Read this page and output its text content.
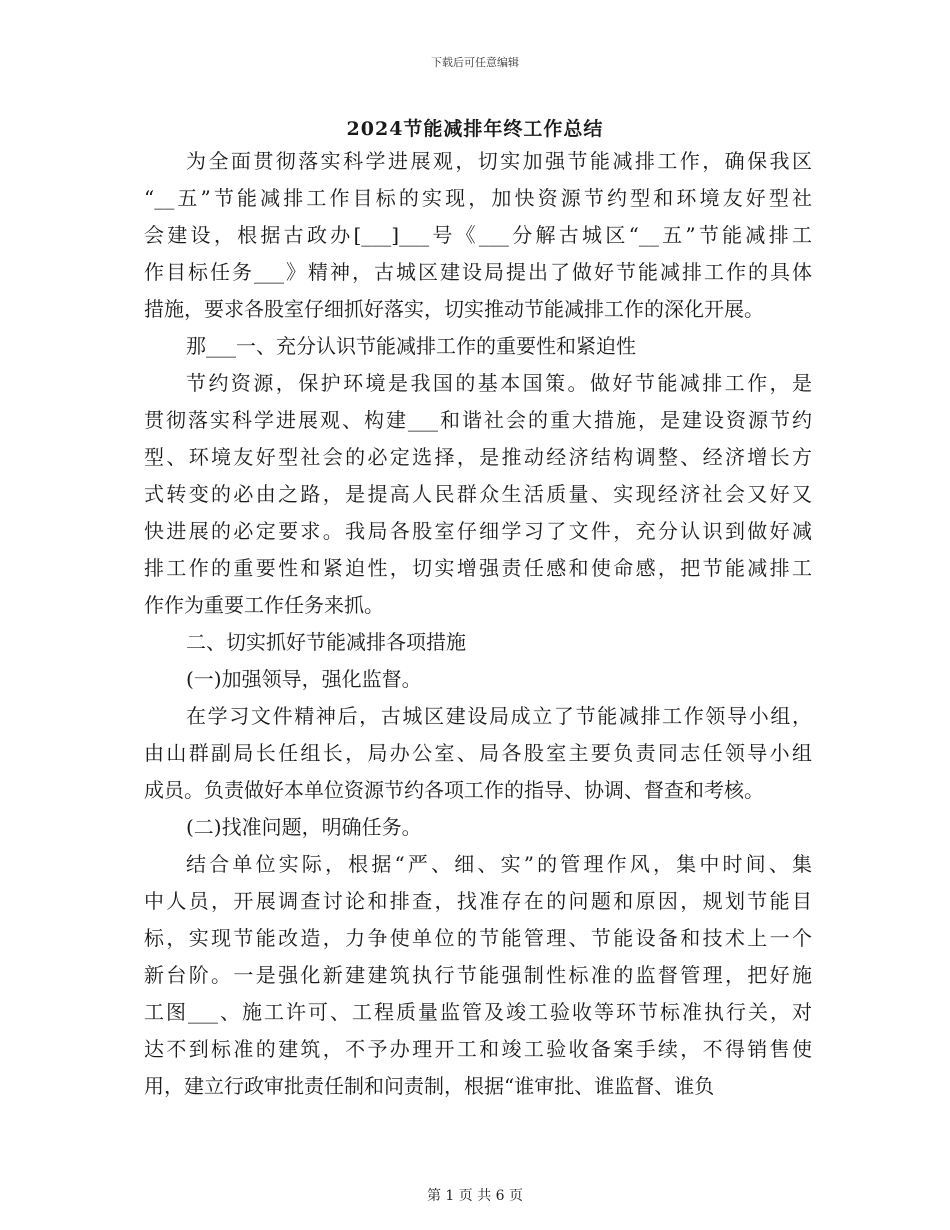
下载后可任意编辑
2024节能减排年终工作总结
为全面贯彻落实科学进展观，切实加强节能减排工作，确保我区
“__五”节能减排工作目标的实现，加快资源节约型和环境友好型社
会建设，根据古政办[___]___号《___分解古城区“__五”节能减排工
作目标任务___》精神，古城区建设局提出了做好节能减排工作的具体
措施，要求各股室仔细抓好落实，切实推动节能减排工作的深化开展。
那___一、充分认识节能减排工作的重要性和紧迫性
节约资源，保护环境是我国的基本国策。做好节能减排工作，是
贯彻落实科学进展观、构建___和谐社会的重大措施，是建设资源节约
型、环境友好型社会的必定选择，是推动经济结构调整、经济增长方
式转变的必由之路，是提高人民群众生活质量、实现经济社会又好又
快进展的必定要求。我局各股室仔细学习了文件，充分认识到做好减
排工作的重要性和紧迫性，切实增强责任感和使命感，把节能减排工
作作为重要工作任务来抓。
二、切实抓好节能减排各项措施
(一)加强领导，强化监督。
在学习文件精神后，古城区建设局成立了节能减排工作领导小组，
由山群副局长任组长，局办公室、局各股室主要负责同志任领导小组
成员。负责做好本单位资源节约各项工作的指导、协调、督查和考核。
(二)找准问题，明确任务。
结合单位实际，根据“严、细、实”的管理作风，集中时间、集
中人员，开展调查讨论和排查，找准存在的问题和原因，规划节能目
标，实现节能改造，力争使单位的节能管理、节能设备和技术上一个
新台阶。一是强化新建建筑执行节能强制性标准的监督管理，把好施
工图___、施工许可、工程质量监管及竣工验收等环节标准执行关，对
达不到标准的建筑，不予办理开工和竣工验收备案手续，不得销售使
用，建立行政审批责任制和问责制，根据“谁审批、谁监督、谁负
第 1 页 共 6 页
